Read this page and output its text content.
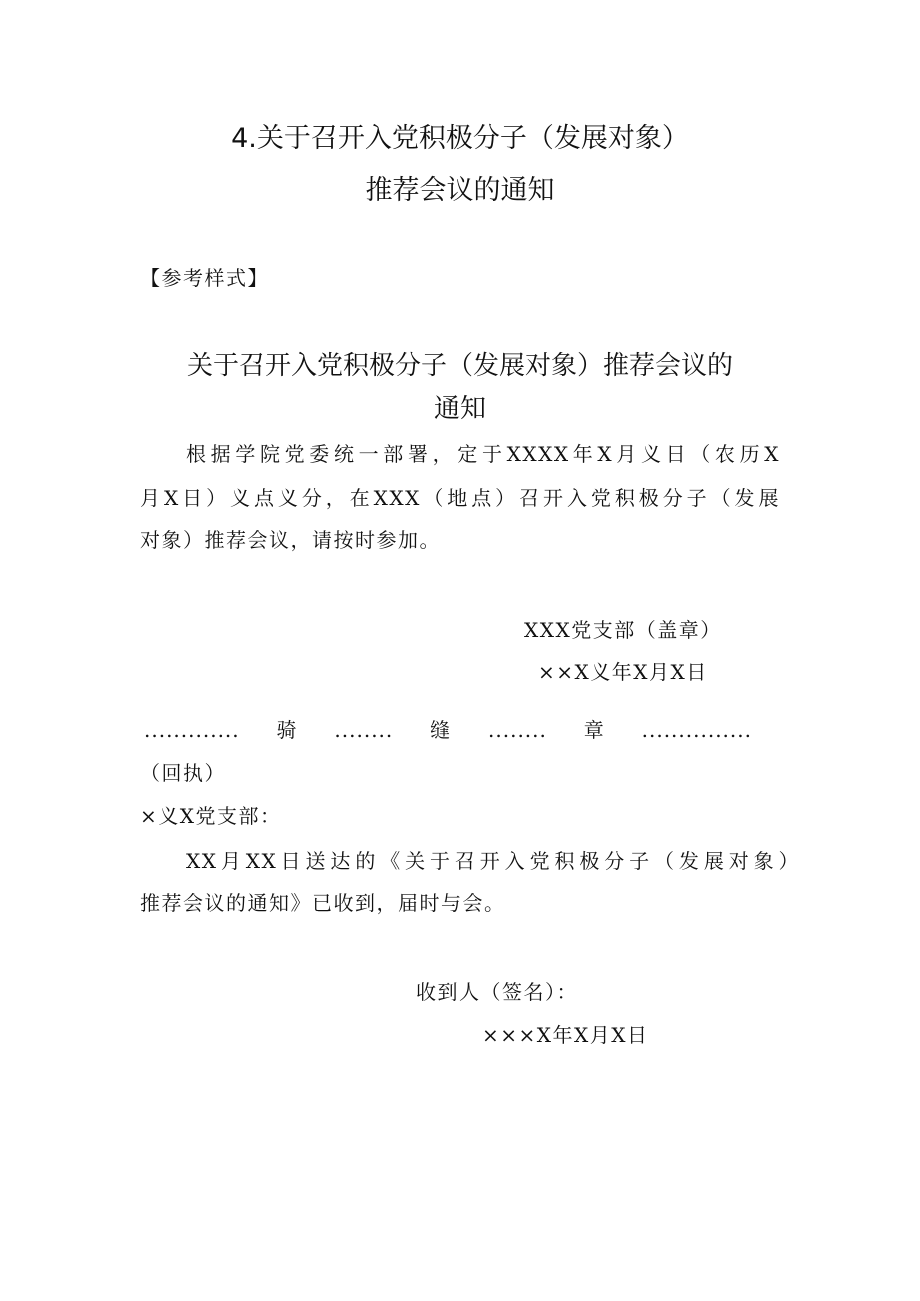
4.关于召开入党积极分子（发展对象）
推荐会议的通知
【参考样式】
关于召开入党积极分子（发展对象）推荐会议的
通知
根据学院党委统一部署，定于XXXX年X月义日（农历X
月X日）义点义分，在XXX（地点）召开入党积极分子（发展
对象）推荐会议，请按时参加。
XXX党支部（盖章）
××X义年X月X日
.............骑........缝........章...............
（回执）
×义X党支部：
XX月XX日送达的《关于召开入党积极分子（发展对象）
推荐会议的通知》已收到，届时与会。
收到人（签名）：
×××X年X月X日
